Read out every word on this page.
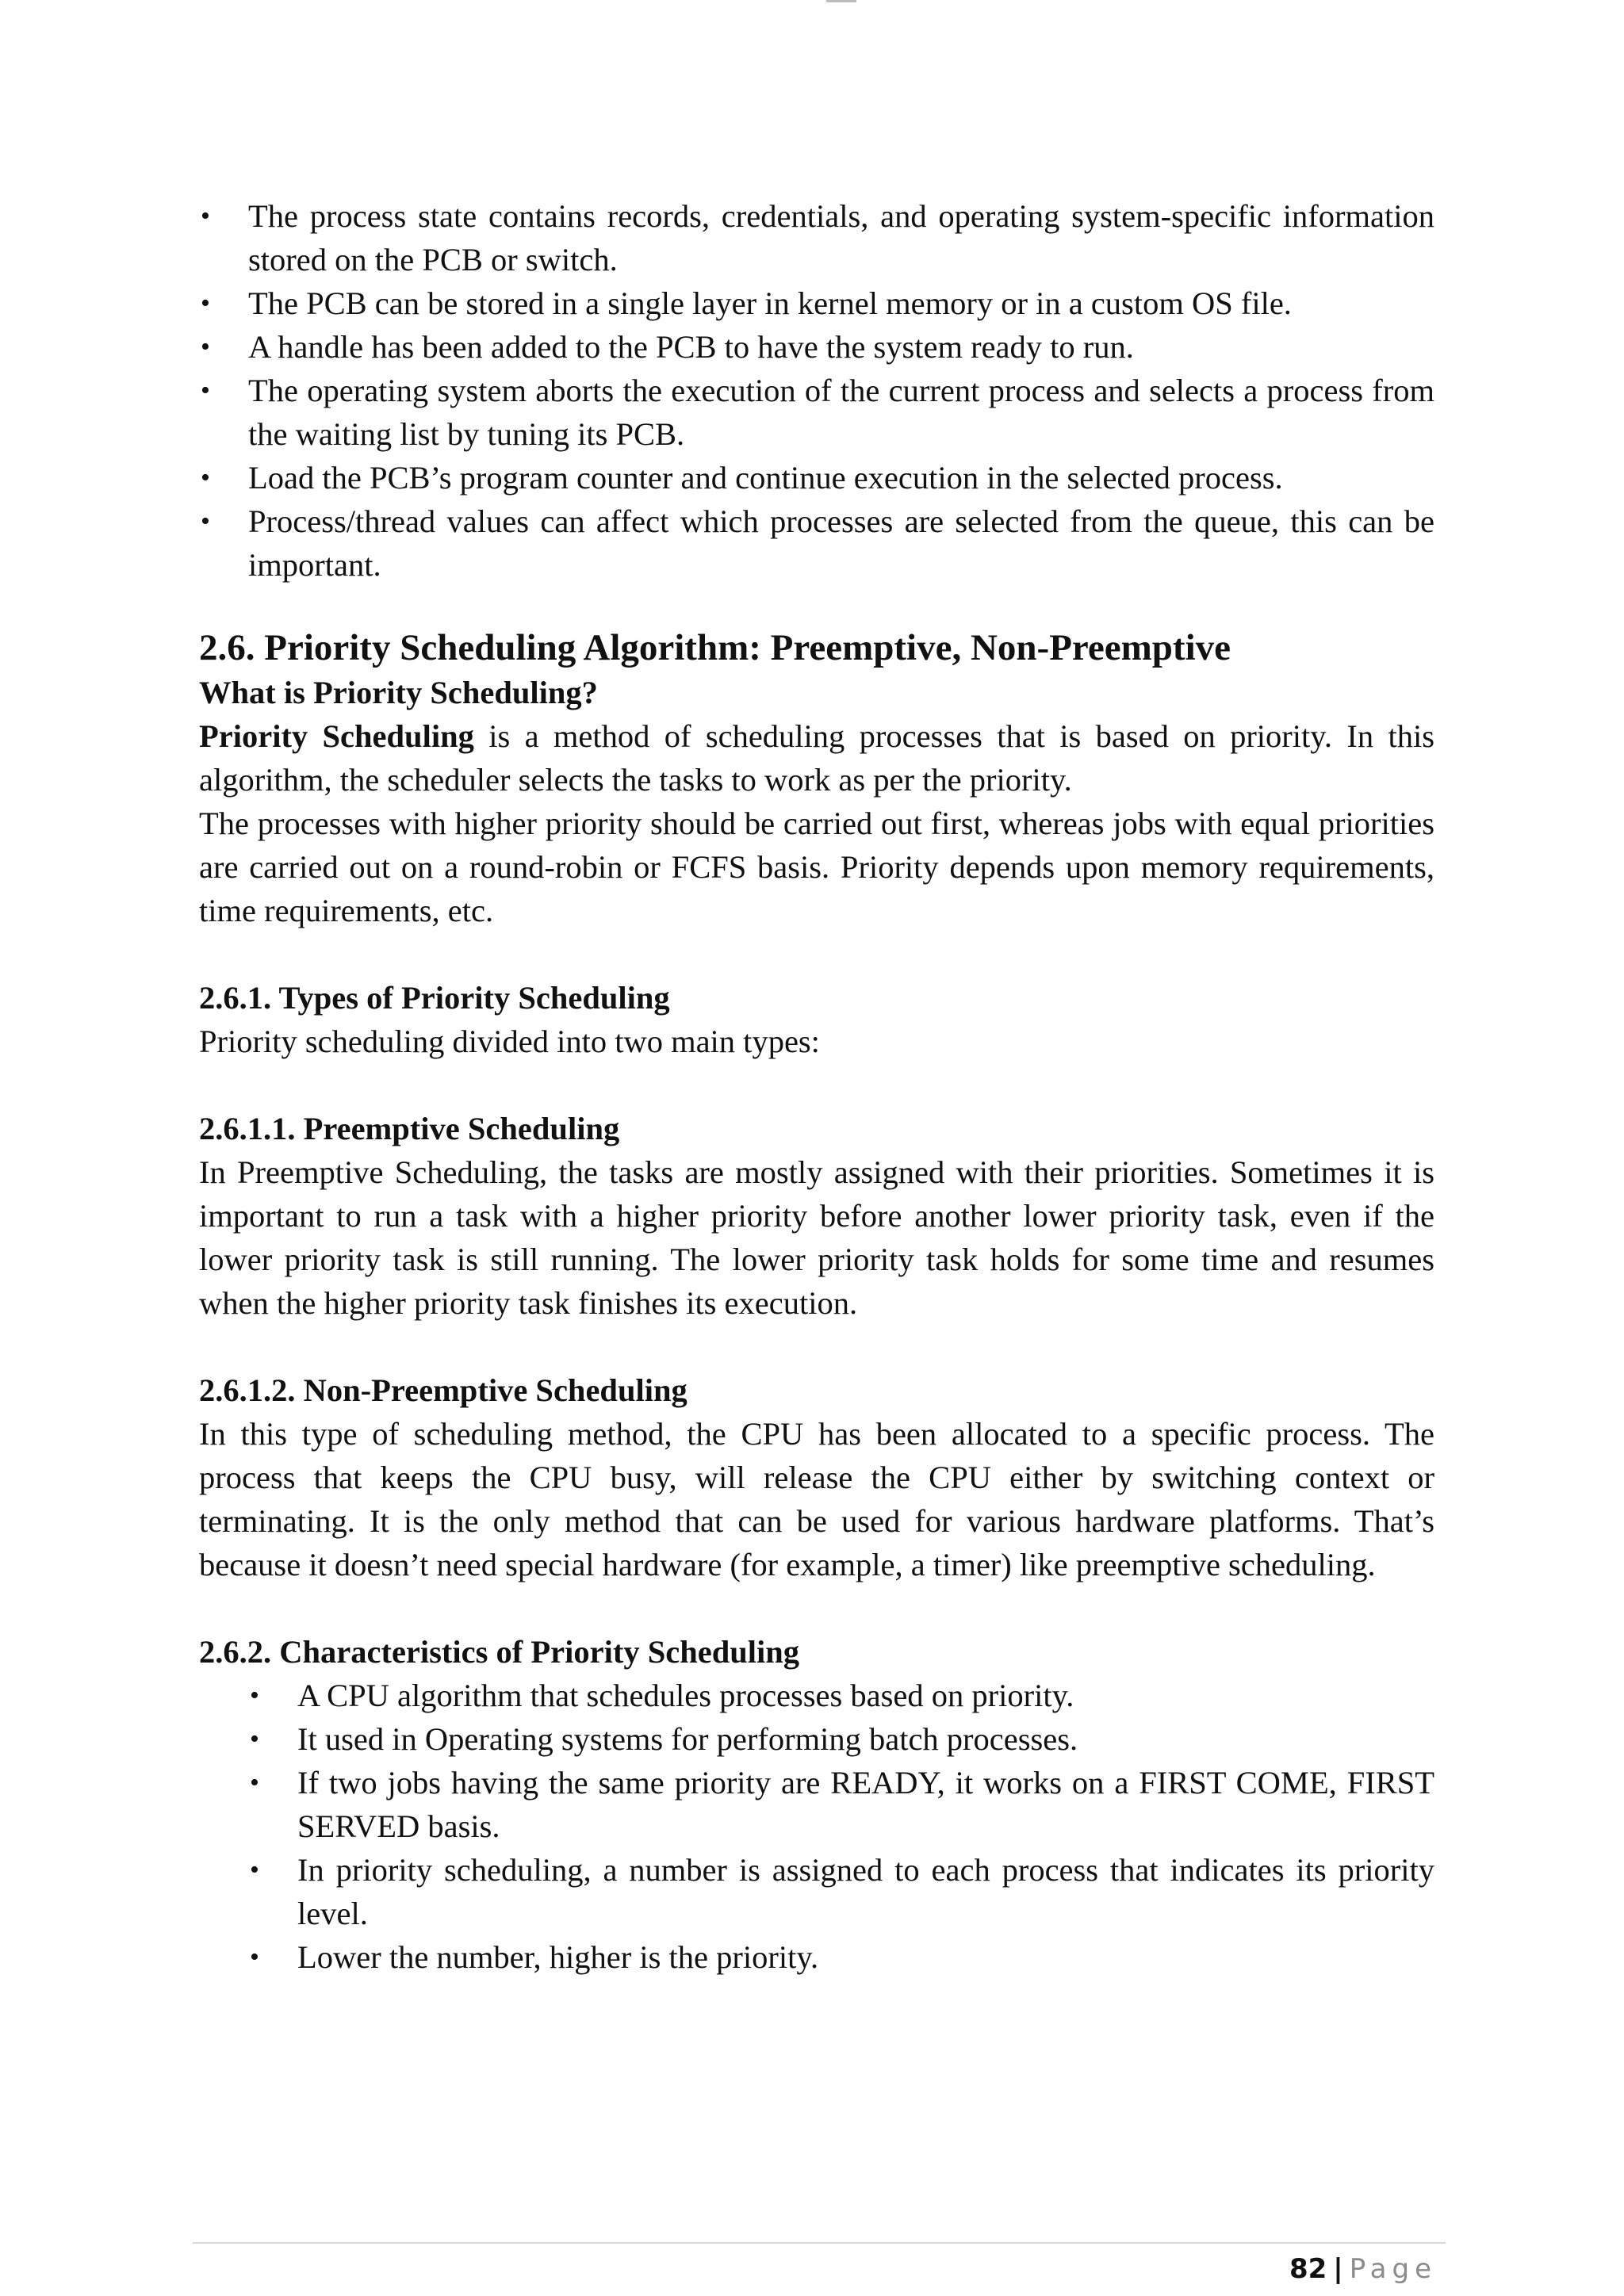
• The process state contains records, credentials, and operating system-specific information stored on the PCB or switch.
• The PCB can be stored in a single layer in kernel memory or in a custom OS file.
• A handle has been added to the PCB to have the system ready to run.
• The operating system aborts the execution of the current process and selects a process from the waiting list by tuning its PCB.
• Load the PCB’s program counter and continue execution in the selected process.
• Process/thread values can affect which processes are selected from the queue, this can be important.
2.6. Priority Scheduling Algorithm: Preemptive, Non-Preemptive
What is Priority Scheduling?

Priority Scheduling is a method of scheduling processes that is based on priority. In this algorithm, the scheduler selects the tasks to work as per the priority.

The processes with higher priority should be carried out first, whereas jobs with equal priorities are carried out on a round-robin or FCFS basis. Priority depends upon memory requirements, time requirements, etc.

2.6.1. Types of Priority Scheduling

Priority scheduling divided into two main types:

2.6.1.1. Preemptive Scheduling

In Preemptive Scheduling, the tasks are mostly assigned with their priorities. Sometimes it is important to run a task with a higher priority before another lower priority task, even if the lower priority task is still running. The lower priority task holds for some time and resumes when the higher priority task finishes its execution.

2.6.1.2. Non-Preemptive Scheduling

In this type of scheduling method, the CPU has been allocated to a specific process. The process that keeps the CPU busy, will release the CPU either by switching context or terminating. It is the only method that can be used for various hardware platforms. That’s because it doesn’t need special hardware (for example, a timer) like preemptive scheduling.

2.6.2. Characteristics of Priority Scheduling
• A CPU algorithm that schedules processes based on priority.
• It used in Operating systems for performing batch processes.
• If two jobs having the same priority are READY, it works on a FIRST COME, FIRST SERVED basis.
• In priority scheduling, a number is assigned to each process that indicates its priority level.
• Lower the number, higher is the priority.
82 | Page
